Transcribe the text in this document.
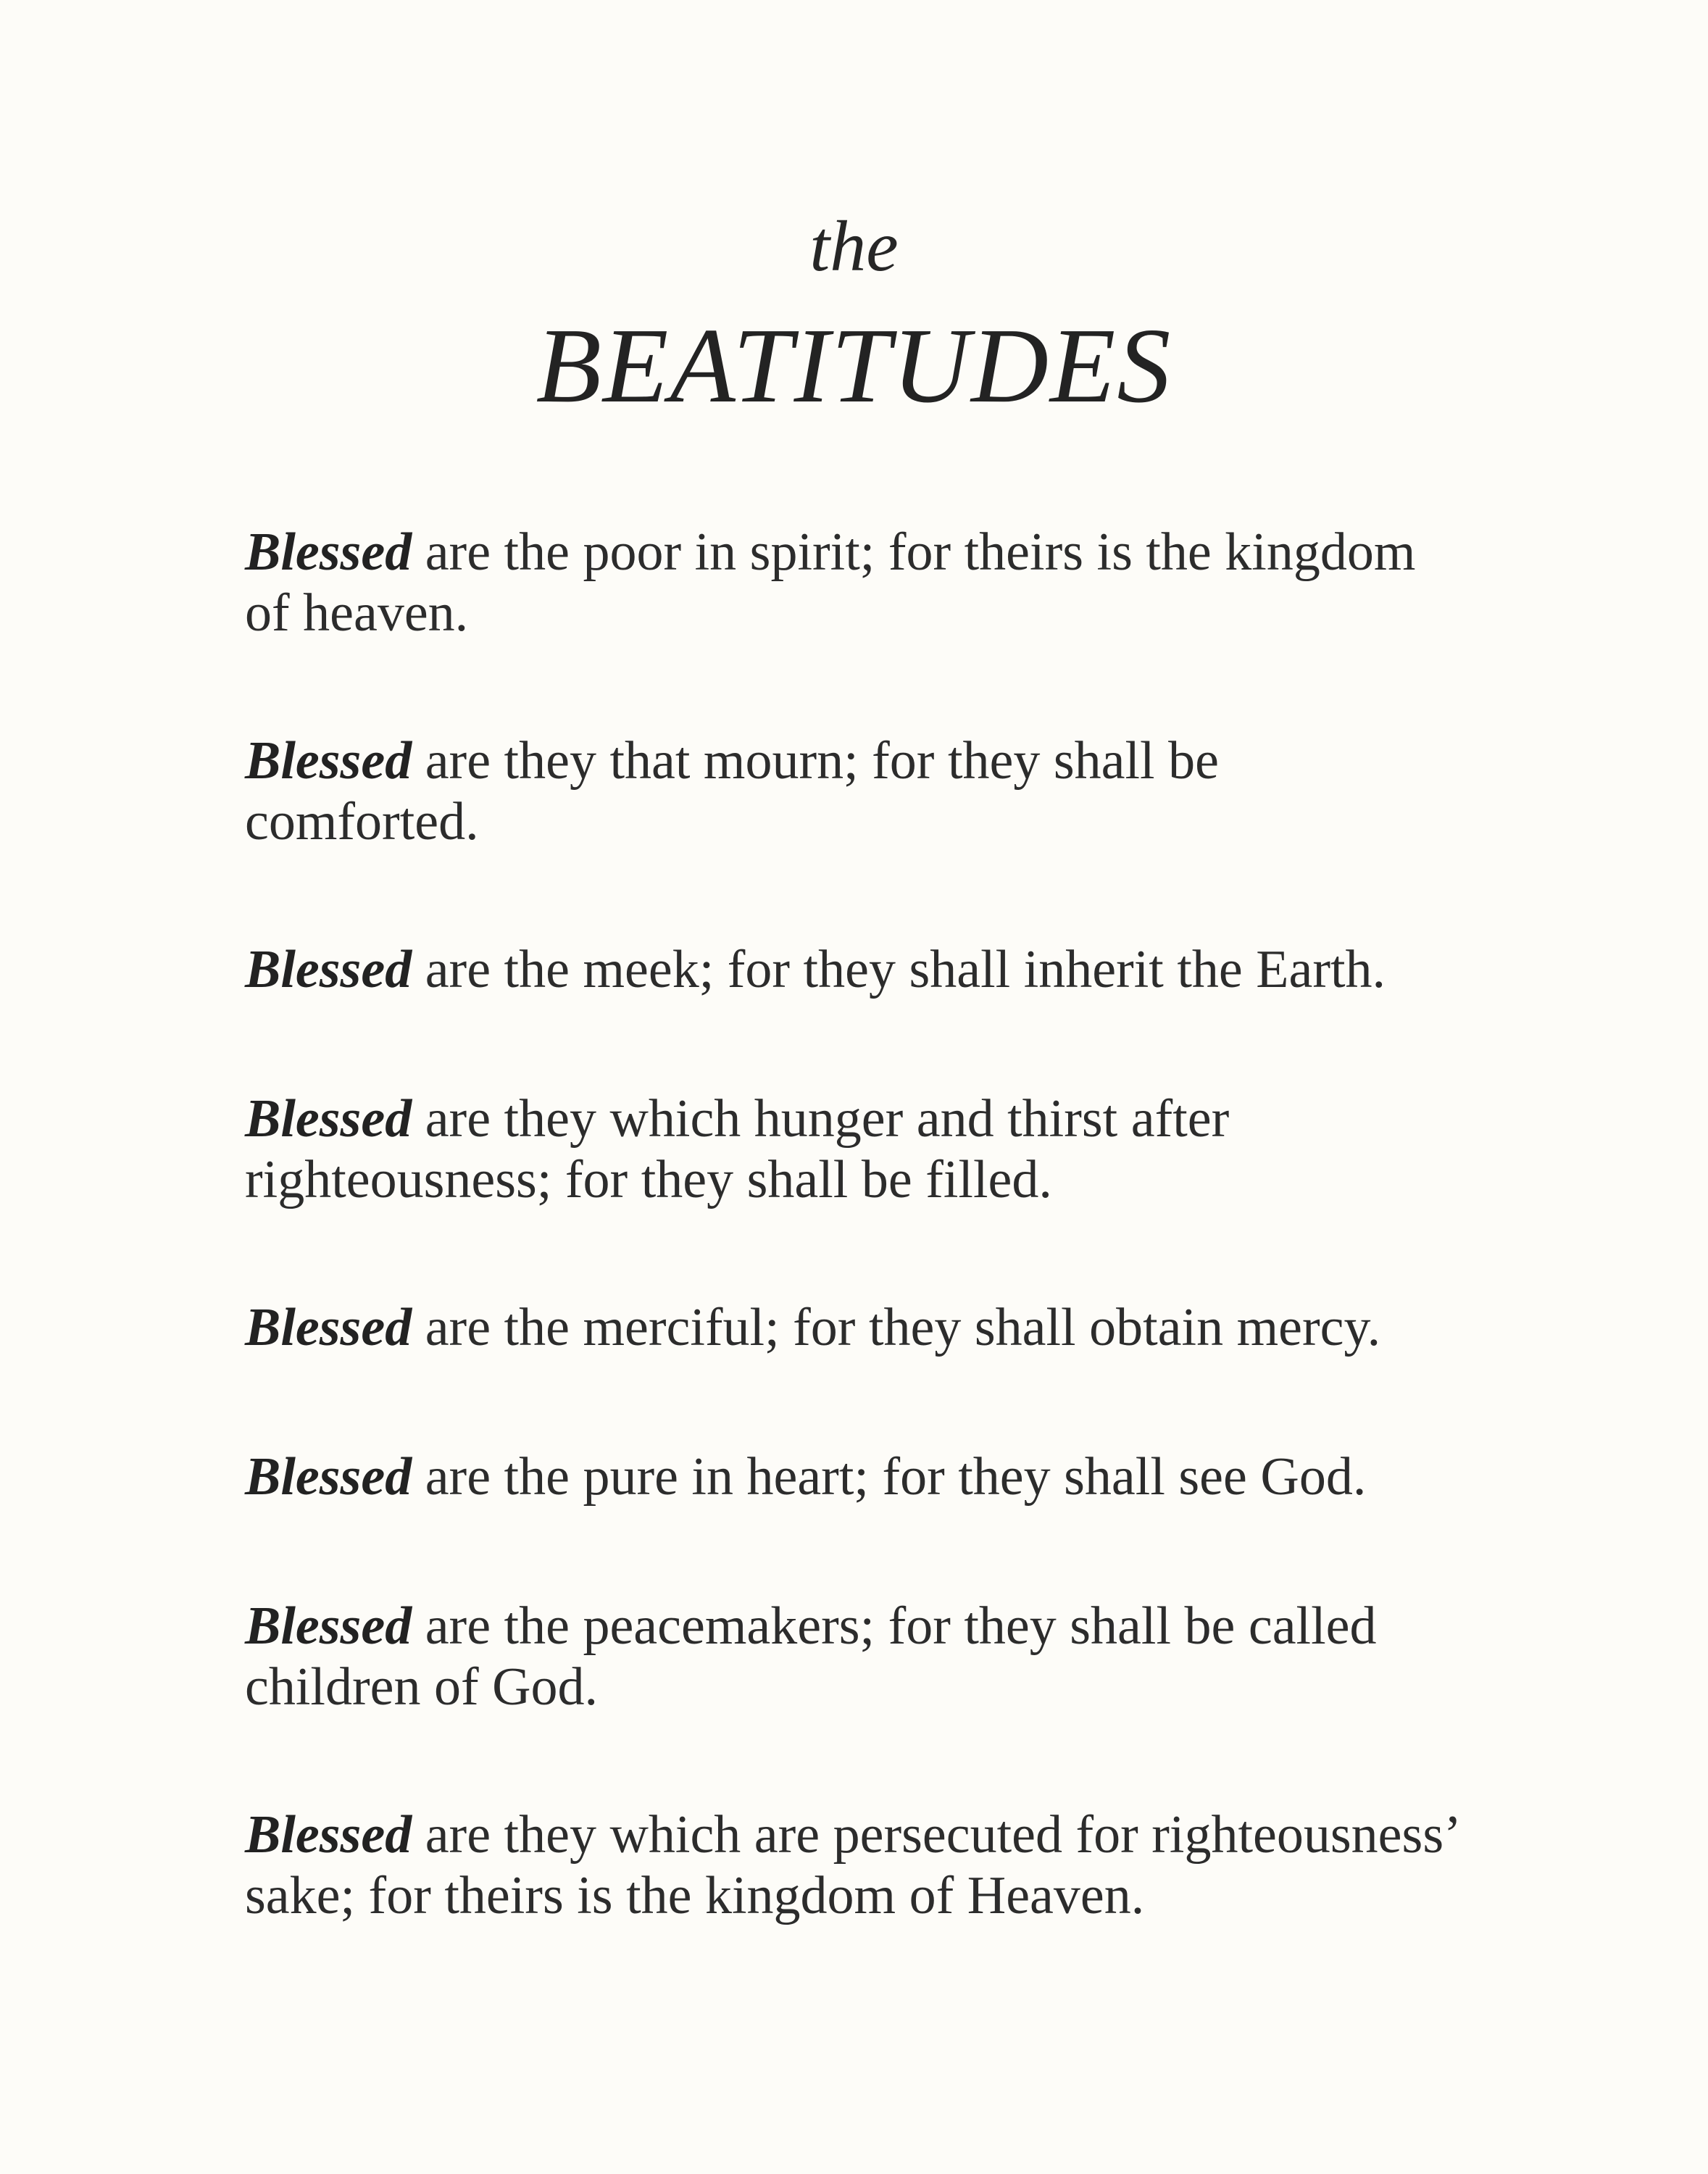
the
BEATITUDES
Blessed are the poor in spirit; for theirs is the kingdom of heaven.
Blessed are they that mourn; for they shall be comforted.
Blessed are the meek; for they shall inherit the Earth.
Blessed are they which hunger and thirst after righteousness; for they shall be filled.
Blessed are the merciful; for they shall obtain mercy.
Blessed are the pure in heart; for they shall see God.
Blessed are the peacemakers; for they shall be called children of God.
Blessed are they which are persecuted for righteousness’ sake; for theirs is the kingdom of Heaven.
